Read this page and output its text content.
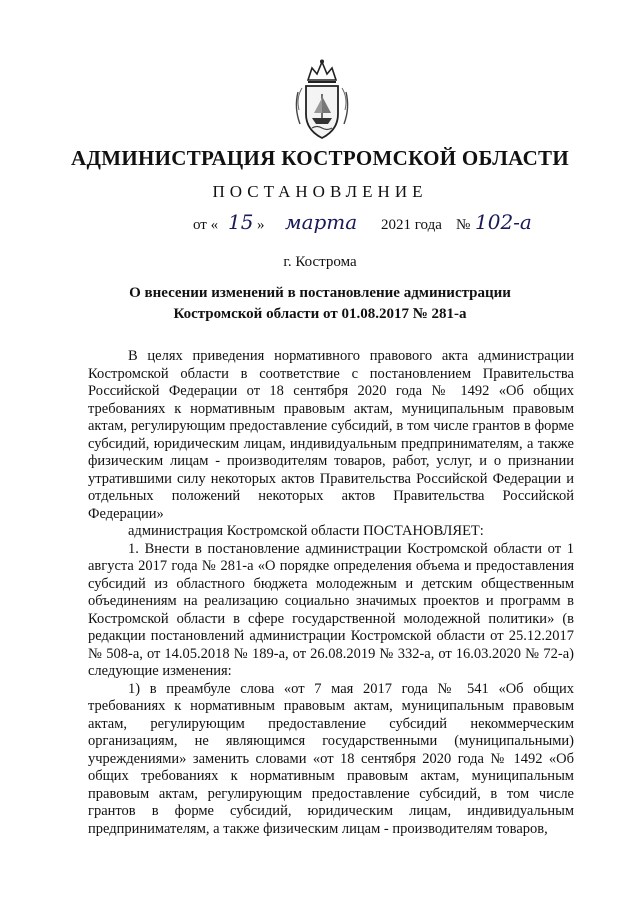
АДМИНИСТРАЦИЯ КОСТРОМСКОЙ ОБЛАСТИ
ПОСТАНОВЛЕНИЕ
от « 15 » марта 2021 года № 102-а
г. Кострома
О внесении изменений в постановление администрации
Костромской области от 01.08.2017 № 281-а

В целях приведения нормативного правового акта администрации Костромской области в соответствие с постановлением Правительства Российской Федерации от 18 сентября 2020 года № 1492 «Об общих требованиях к нормативным правовым актам, муниципальным правовым актам, регулирующим предоставление субсидий, в том числе грантов в форме субсидий, юридическим лицам, индивидуальным предпринимателям, а также физическим лицам - производителям товаров, работ, услуг, и о признании утратившими силу некоторых актов Правительства Российской Федерации и отдельных положений некоторых актов Правительства Российской Федерации»

администрация Костромской области ПОСТАНОВЛЯЕТ:

1. Внести в постановление администрации Костромской области от 1 августа 2017 года № 281-а «О порядке определения объема и предоставления субсидий из областного бюджета молодежным и детским общественным объединениям на реализацию социально значимых проектов и программ в Костромской области в сфере государственной молодежной политики» (в редакции постановлений администрации Костромской области от 25.12.2017 № 508-а, от 14.05.2018 № 189-а, от 26.08.2019 № 332-а, от 16.03.2020 № 72-а) следующие изменения:

1) в преамбуле слова «от 7 мая 2017 года № 541 «Об общих требованиях к нормативным правовым актам, муниципальным правовым актам, регулирующим предоставление субсидий некоммерческим организациям, не являющимся государственными (муниципальными) учреждениями» заменить словами «от 18 сентября 2020 года № 1492 «Об общих требованиях к нормативным правовым актам, муниципальным правовым актам, регулирующим предоставление субсидий, в том числе грантов в форме субсидий, юридическим лицам, индивидуальным предпринимателям, а также физическим лицам - производителям товаров,
